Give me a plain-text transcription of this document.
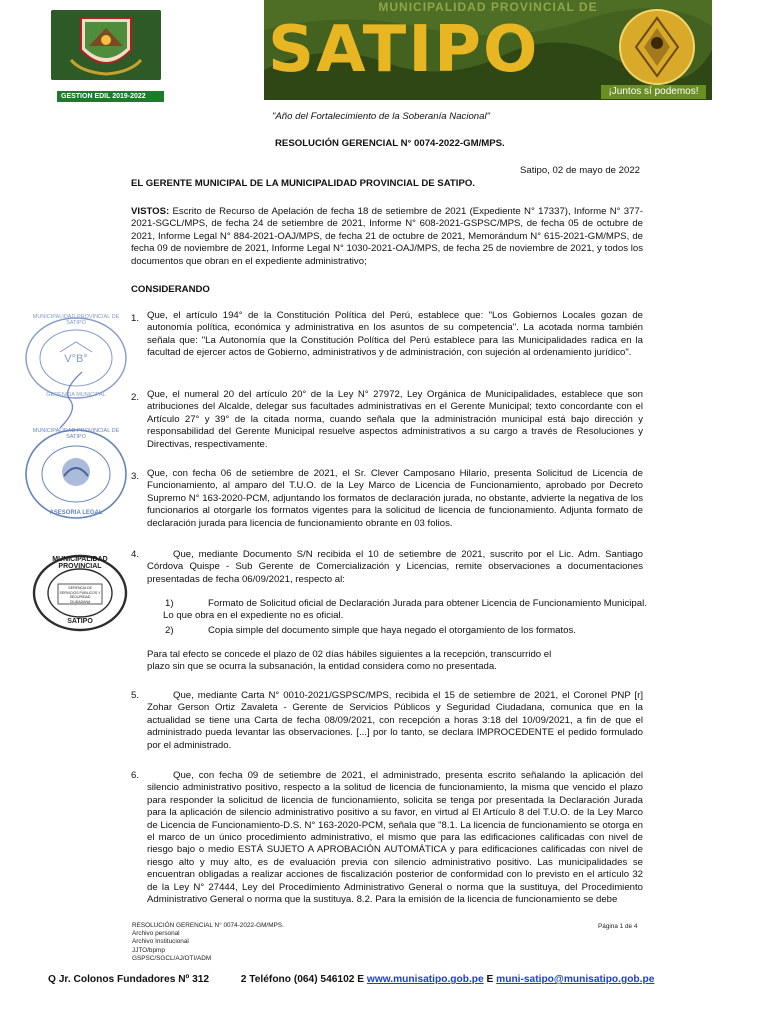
GESTION EDIL 2019-2022
MUNICIPALIDAD PROVINCIAL DE
SATIPO
¡Juntos sí podemos!
"Año del Fortalecimiento de la Soberanía Nacional"
RESOLUCIÓN GERENCIAL N° 0074-2022-GM/MPS.
Satipo, 02 de mayo de 2022
EL GERENTE MUNICIPAL DE LA MUNICIPALIDAD PROVINCIAL DE SATIPO.
VISTOS: Escrito de Recurso de Apelación de fecha 18 de setiembre de 2021 (Expediente N° 17337), Informe N° 377-2021-SGCL/MPS, de fecha 24 de setiembre de 2021, Informe N° 608-2021-GSPSC/MPS, de fecha 05 de octubre de 2021, Informe Legal N° 884-2021-OAJ/MPS, de fecha 21 de octubre de 2021, Memorándum N° 615-2021-GM/MPS, de fecha 09 de noviembre de 2021, Informe Legal N° 1030-2021-OAJ/MPS, de fecha 25 de noviembre de 2021, y todos los documentos que obran en el expediente administrativo;
CONSIDERANDO
1. Que, el artículo 194° de la Constitución Política del Perú, establece que: "Los Gobiernos Locales gozan de autonomía política, económica y administrativa en los asuntos de su competencia". La acotada norma también señala que: "La Autonomía que la Constitución Política del Perú establece para las Municipalidades radica en la facultad de ejercer actos de Gobierno, administrativos y de administración, con sujeción al ordenamiento jurídico".
2. Que, el numeral 20 del artículo 20° de la Ley N° 27972, Ley Orgánica de Municipalidades, establece que son atribuciones del Alcalde, delegar sus facultades administrativas en el Gerente Municipal; texto concordante con el Artículo 27° y 39° de la citada norma, cuando señala que la administración municipal está bajo dirección y responsabilidad del Gerente Municipal resuelve aspectos administrativos a su cargo a través de Resoluciones y Directivas, respectivamente.
3. Que, con fecha 06 de setiembre de 2021, el Sr. Clever Camposano Hilario, presenta Solicitud de Licencia de Funcionamiento, al amparo del T.U.O. de la Ley Marco de Licencia de Funcionamiento, aprobado por Decreto Supremo N° 163-2020-PCM, adjuntando los formatos de declaración jurada, no obstante, advierte la negativa de los funcionarios al otorgarle los formatos vigentes para la solicitud de licencia de funcionamiento. Adjunta formato de declaración jurada para licencia de funcionamiento obrante en 03 folios.
4.	Que, mediante Documento S/N recibida el 10 de setiembre de 2021, suscrito por el Lic. Adm. Santiago Córdova Quispe - Sub Gerente de Comercialización y Licencias, remite observaciones a documentaciones presentadas de fecha 06/09/2021, respecto al:
1)	Formato de Solicitud oficial de Declaración Jurada para obtener Licencia de Funcionamiento Municipal. Lo que obra en el expediente no es oficial.
2)	Copia simple del documento simple que haya negado el otorgamiento de los formatos.
Para tal efecto se concede el plazo de 02 días hábiles siguientes a la recepción, transcurrido el plazo sin que se ocurra la subsanación, la entidad considera como no presentada.
5.	Que, mediante Carta N° 0010-2021/GSPSC/MPS, recibida el 15 de setiembre de 2021, el Coronel PNP [r] Zohar Gerson Ortiz Zavaleta - Gerente de Servicios Públicos y Seguridad Ciudadana, comunica que en la actualidad se tiene una Carta de fecha 08/09/2021, con recepción a horas 3:18 del 10/09/2021, a fin de que el administrado pueda levantar las observaciones. [...] por lo tanto, se declara IMPROCEDENTE el pedido formulado por el administrado.
6.	Que, con fecha 09 de setiembre de 2021, el administrado, presenta escrito señalando la aplicación del silencio administrativo positivo, respecto a la solitud de licencia de funcionamiento, la misma que vencido el plazo para responder la solicitud de licencia de funcionamiento, solicita se tenga por presentada la Declaración Jurada para la aplicación de silencio administrativo positivo a su favor, en virtud al El Artículo 8 del T.U.O. de la Ley Marco de Licencia de Funcionamiento-D.S. N° 163-2020-PCM, señala que "8.1. La licencia de funcionamiento se otorga en el marco de un único procedimiento administrativo, el mismo que para las edificaciones calificadas con nivel de riesgo bajo o medio ESTÁ SUJETO A APROBACIÓN AUTOMÁTICA y para edificaciones calificadas con nivel de riesgo alto y muy alto, es de evaluación previa con silencio administrativo positivo. Las municipalidades se encuentran obligadas a realizar acciones de fiscalización posterior de conformidad con lo previsto en el artículo 32 de la Ley N° 27444, Ley del Procedimiento Administrativo General o norma que la sustituya, del Procedimiento Administrativo General o norma que la sustituya. 8.2. Para la emisión de la licencia de funcionamiento se debe
V°B°
MUNICIPALIDAD PROVINCIAL DE SATIPO
GERENCIA MUNICIPAL
MUNICIPALIDAD PROVINCIAL DE SATIPO
ASESORIA LEGAL
MUNICIPALIDAD PROVINCIAL
GERENCIA DE SERVICIOS PÚBLICOS Y SEGURIDAD CIUDADANA
SATIPO
RESOLUCIÓN GERENCIAL N° 0074-2022-GM/MPS.
Archivo personal
Archivo Institucional
JJTO/bpmp
GSPSC/SGCL/AJ/OTI/ADM
Página 1 de 4
Q Jr. Colonos Fundadores Nº 312	2 Teléfono (064) 546102 E www.munisatipo.gob.pe E muni-satipo@munisatipo.gob.pe
